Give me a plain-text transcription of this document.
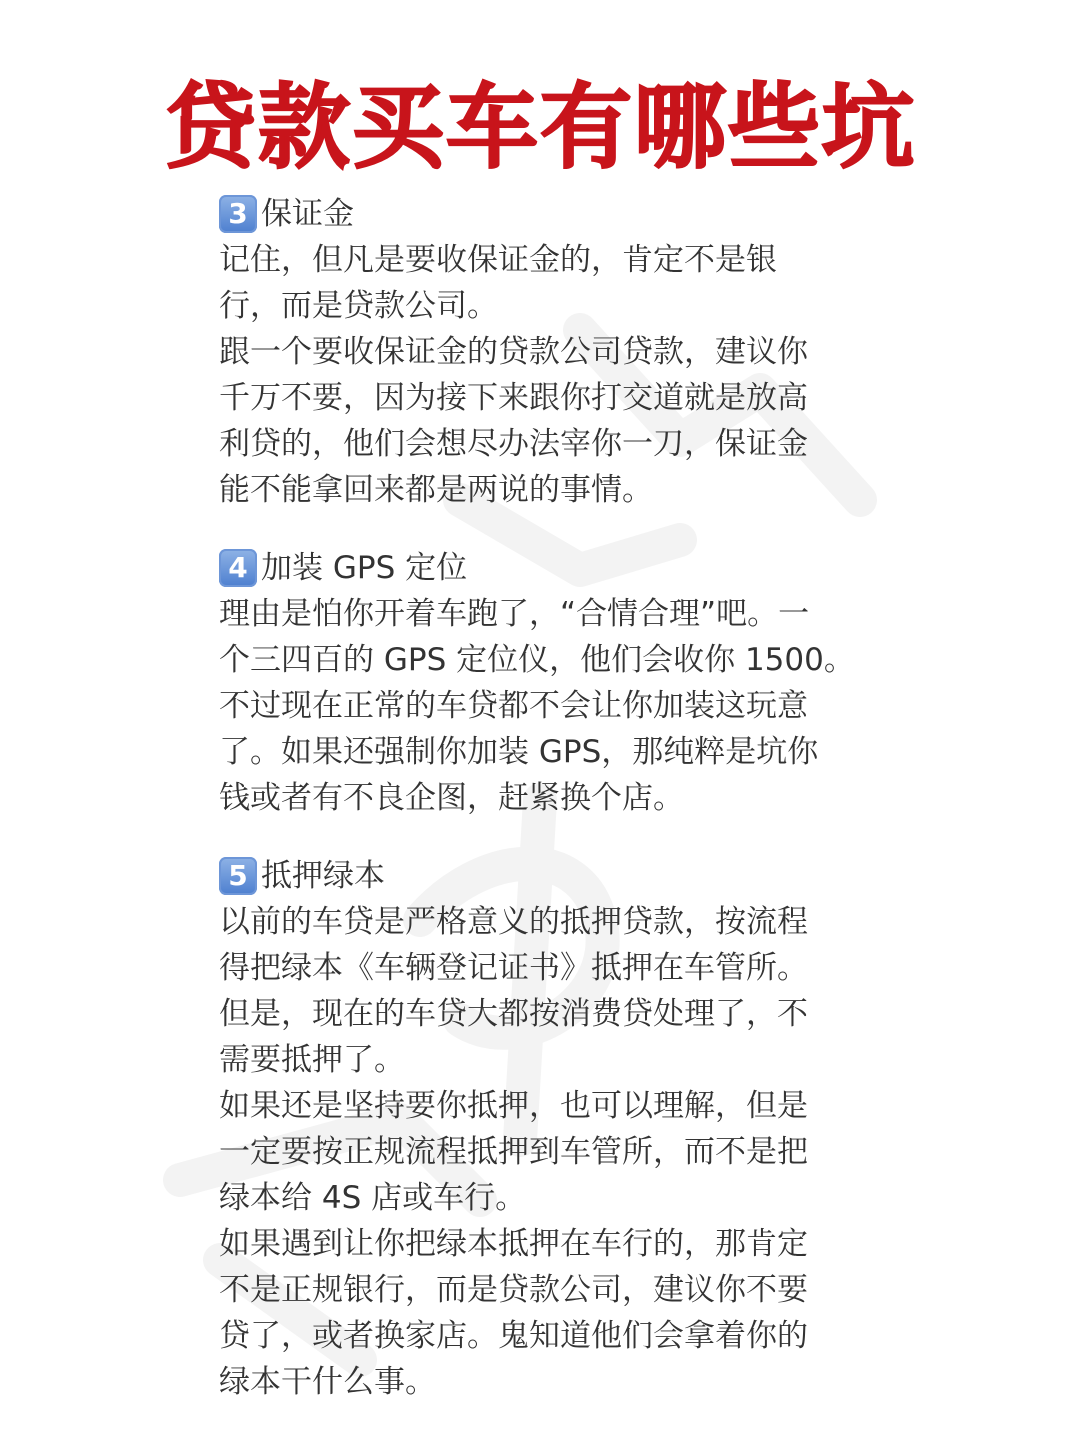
贷款买车有哪些坑
3 保证金
记住，但凡是要收保证金的，肯定不是银
行，而是贷款公司。
跟一个要收保证金的贷款公司贷款，建议你
千万不要，因为接下来跟你打交道就是放高
利贷的，他们会想尽办法宰你一刀，保证金
能不能拿回来都是两说的事情。
4 加装 GPS 定位
理由是怕你开着车跑了，“合情合理”吧。一
个三四百的 GPS 定位仪，他们会收你 1500。
不过现在正常的车贷都不会让你加装这玩意
了。如果还强制你加装 GPS，那纯粹是坑你
钱或者有不良企图，赶紧换个店。
5 抵押绿本
以前的车贷是严格意义的抵押贷款，按流程
得把绿本《车辆登记证书》抵押在车管所。
但是，现在的车贷大都按消费贷处理了，不
需要抵押了。
如果还是坚持要你抵押，也可以理解，但是
一定要按正规流程抵押到车管所，而不是把
绿本给 4S 店或车行。
如果遇到让你把绿本抵押在车行的，那肯定
不是正规银行，而是贷款公司，建议你不要
贷了，或者换家店。鬼知道他们会拿着你的
绿本干什么事。
